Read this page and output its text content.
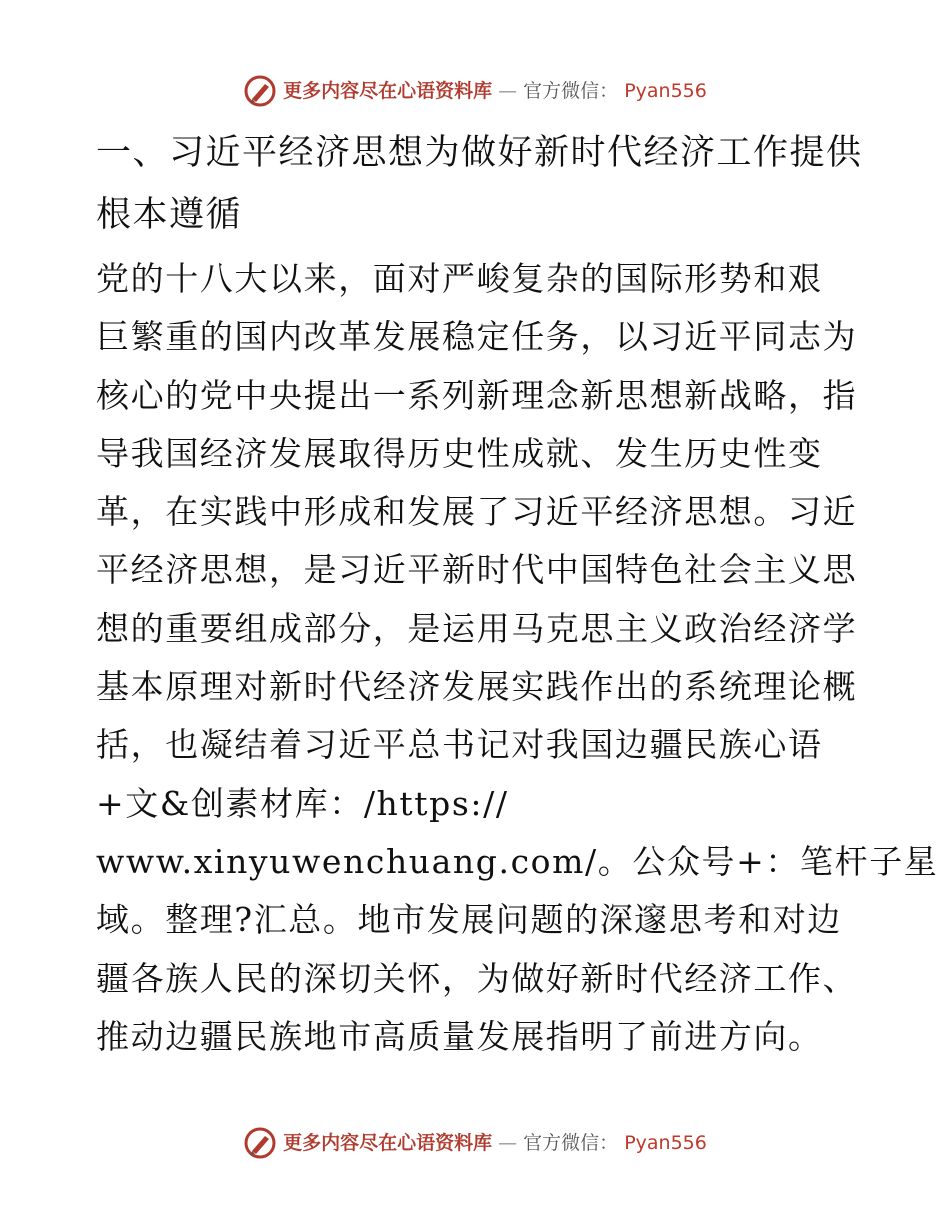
更多内容尽在心语资料库 — 官方微信： Pyan556
一、习近平经济思想为做好新时代经济工作提供
根本遵循

党的十八大以来，面对严峻复杂的国际形势和艰
巨繁重的国内改革发展稳定任务，以习近平同志为
核心的党中央提出一系列新理念新思想新战略，指
导我国经济发展取得历史性成就、发生历史性变
革，在实践中形成和发展了习近平经济思想。习近
平经济思想，是习近平新时代中国特色社会主义思
想的重要组成部分，是运用马克思主义政治经济学
基本原理对新时代经济发展实践作出的系统理论概
括，也凝结着习近平总书记对我国边疆民族心语
+文&创素材库：/https://
www.xinyuwenchuang.com/。公众号+：笔杆子星
域。整理?汇总。地市发展问题的深邃思考和对边
疆各族人民的深切关怀，为做好新时代经济工作、
推动边疆民族地市高质量发展指明了前进方向。

更多内容尽在心语资料库 — 官方微信： Pyan556
